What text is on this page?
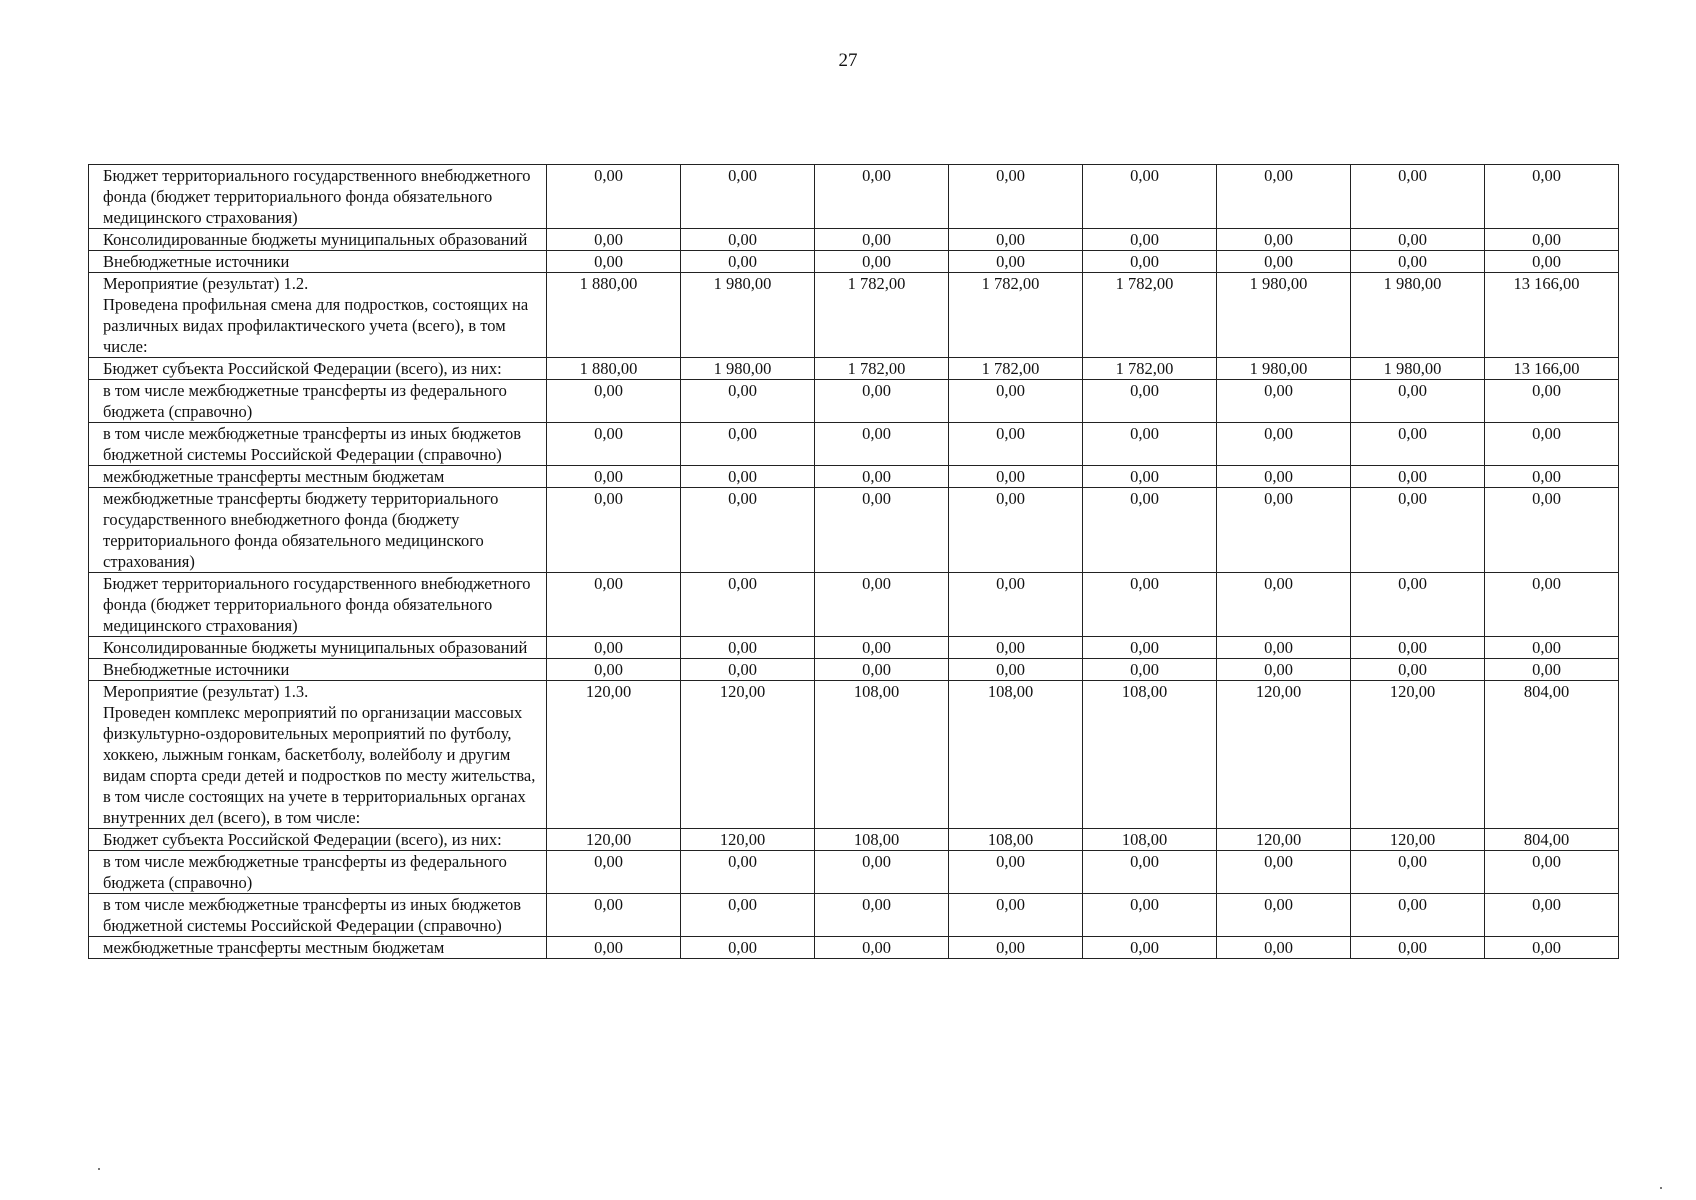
27
Бюджет территориального государственного внебюджетного фонда (бюджет территориального фонда обязательного медицинского страхования)	0,00	0,00	0,00	0,00	0,00	0,00	0,00	0,00
Консолидированные бюджеты муниципальных образований	0,00	0,00	0,00	0,00	0,00	0,00	0,00	0,00
Внебюджетные источники	0,00	0,00	0,00	0,00	0,00	0,00	0,00	0,00
Мероприятие (результат) 1.2.
Проведена профильная смена для подростков, состоящих на различных видах профилактического учета (всего), в том числе:	1 880,00	1 980,00	1 782,00	1 782,00	1 782,00	1 980,00	1 980,00	13 166,00
Бюджет субъекта Российской Федерации (всего), из них:	1 880,00	1 980,00	1 782,00	1 782,00	1 782,00	1 980,00	1 980,00	13 166,00
в том числе межбюджетные трансферты из федерального бюджета (справочно)	0,00	0,00	0,00	0,00	0,00	0,00	0,00	0,00
в том числе межбюджетные трансферты из иных бюджетов бюджетной системы Российской Федерации (справочно)	0,00	0,00	0,00	0,00	0,00	0,00	0,00	0,00
межбюджетные трансферты местным бюджетам	0,00	0,00	0,00	0,00	0,00	0,00	0,00	0,00
межбюджетные трансферты бюджету территориального государственного внебюджетного фонда (бюджету территориального фонда обязательного медицинского страхования)	0,00	0,00	0,00	0,00	0,00	0,00	0,00	0,00
Бюджет территориального государственного внебюджетного фонда (бюджет территориального фонда обязательного медицинского страхования)	0,00	0,00	0,00	0,00	0,00	0,00	0,00	0,00
Консолидированные бюджеты муниципальных образований	0,00	0,00	0,00	0,00	0,00	0,00	0,00	0,00
Внебюджетные источники	0,00	0,00	0,00	0,00	0,00	0,00	0,00	0,00
Мероприятие (результат) 1.3.
Проведен комплекс мероприятий по организации массовых физкультурно-оздоровительных мероприятий по футболу, хоккею, лыжным гонкам, баскетболу, волейболу и другим видам спорта среди детей и подростков по месту жительства, в том числе состоящих на учете в территориальных органах внутренних дел (всего), в том числе:	120,00	120,00	108,00	108,00	108,00	120,00	120,00	804,00
Бюджет субъекта Российской Федерации (всего), из них:	120,00	120,00	108,00	108,00	108,00	120,00	120,00	804,00
в том числе межбюджетные трансферты из федерального бюджета (справочно)	0,00	0,00	0,00	0,00	0,00	0,00	0,00	0,00
в том числе межбюджетные трансферты из иных бюджетов бюджетной системы Российской Федерации (справочно)	0,00	0,00	0,00	0,00	0,00	0,00	0,00	0,00
межбюджетные трансферты местным бюджетам	0,00	0,00	0,00	0,00	0,00	0,00	0,00	0,00
